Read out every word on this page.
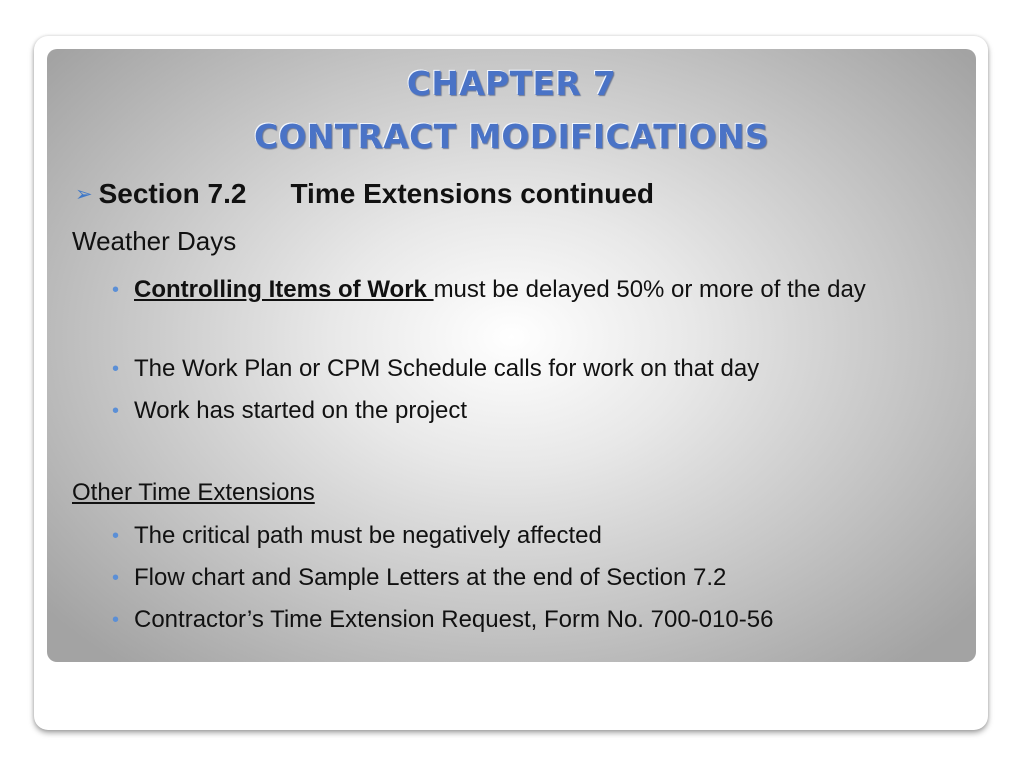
CHAPTER 7
CONTRACT MODIFICATIONS
➢ Section 7.2 Time Extensions continued
Weather Days
• Controlling Items of Work must be delayed 50% or more of the day
• The Work Plan or CPM Schedule calls for work on that day
• Work has started on the project
Other Time Extensions
• The critical path must be negatively affected
• Flow chart and Sample Letters at the end of Section 7.2
• Contractor’s Time Extension Request, Form No. 700-010-56
